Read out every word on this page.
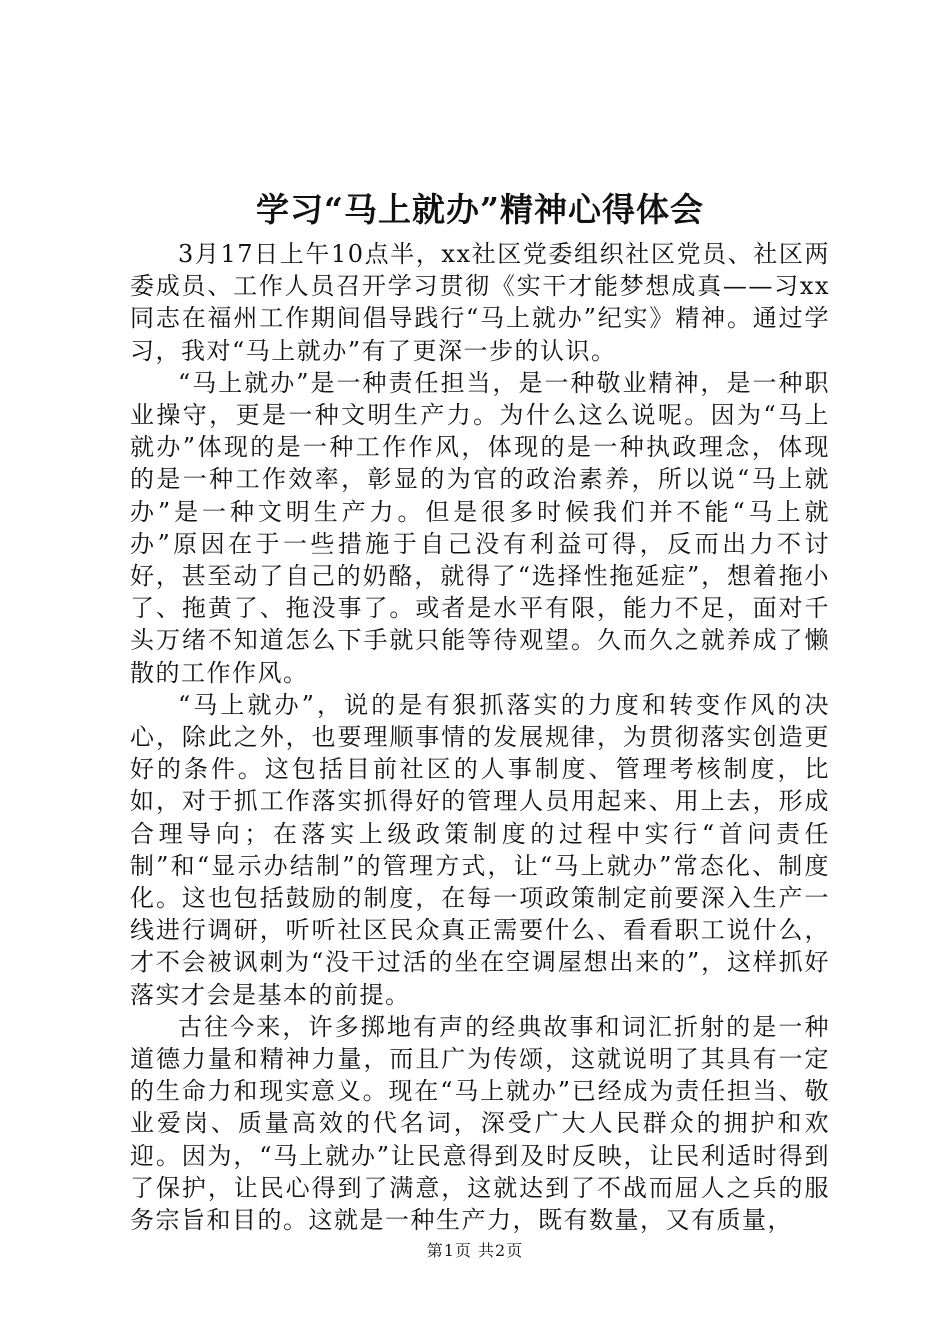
学习“马上就办”精神心得体会

3月17日上午10点半，xx社区党委组织社区党员、社区两委成员、工作人员召开学习贯彻《实干才能梦想成真——习xx同志在福州工作期间倡导践行“马上就办”纪实》精神。通过学习，我对“马上就办”有了更深一步的认识。

“马上就办”是一种责任担当，是一种敬业精神，是一种职业操守，更是一种文明生产力。为什么这么说呢。因为“马上就办”体现的是一种工作作风，体现的是一种执政理念，体现的是一种工作效率，彰显的为官的政治素养，所以说“马上就办”是一种文明生产力。但是很多时候我们并不能“马上就办”原因在于一些措施于自己没有利益可得，反而出力不讨好，甚至动了自己的奶酪，就得了“选择性拖延症”，想着拖小了、拖黄了、拖没事了。或者是水平有限，能力不足，面对千头万绪不知道怎么下手就只能等待观望。久而久之就养成了懒散的工作作风。

“马上就办”，说的是有狠抓落实的力度和转变作风的决心，除此之外，也要理顺事情的发展规律，为贯彻落实创造更好的条件。这包括目前社区的人事制度、管理考核制度，比如，对于抓工作落实抓得好的管理人员用起来、用上去，形成合理导向；在落实上级政策制度的过程中实行“首问责任制”和“显示办结制”的管理方式，让“马上就办”常态化、制度化。这也包括鼓励的制度，在每一项政策制定前要深入生产一线进行调研，听听社区民众真正需要什么、看看职工说什么，才不会被讽刺为“没干过活的坐在空调屋想出来的”，这样抓好落实才会是基本的前提。

古往今来，许多掷地有声的经典故事和词汇折射的是一种道德力量和精神力量，而且广为传颂，这就说明了其具有一定的生命力和现实意义。现在“马上就办”已经成为责任担当、敬业爱岗、质量高效的代名词，深受广大人民群众的拥护和欢迎。因为，“马上就办”让民意得到及时反映，让民利适时得到了保护，让民心得到了满意，这就达到了不战而屈人之兵的服务宗旨和目的。这就是一种生产力，既有数量，又有质量，

第1页 共2页
